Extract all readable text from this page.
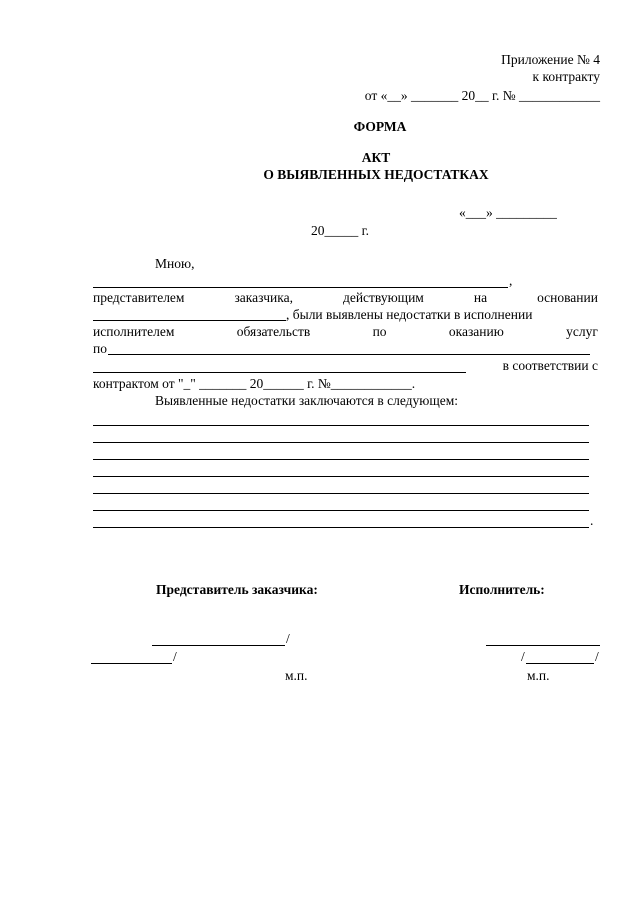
Приложение № 4
к контракту
от «__» _______ 20__ г. № ____________
ФОРМА
АКТ
О ВЫЯВЛЕННЫХ НЕДОСТАТКАХ
«___» _________
20_____ г.
Мною,
,
представителем	заказчика,	действующим	на	основании
, были выявлены недостатки в исполнении
исполнителем	обязательств	по	оказанию	услуг
по
в соответствии с
контрактом от "_" _______ 20______ г. №____________.
Выявленные недостатки заключаются в следующем:
.
Представитель заказчика:	Исполнитель:
/
/
м.п.
/	/
м.п.
